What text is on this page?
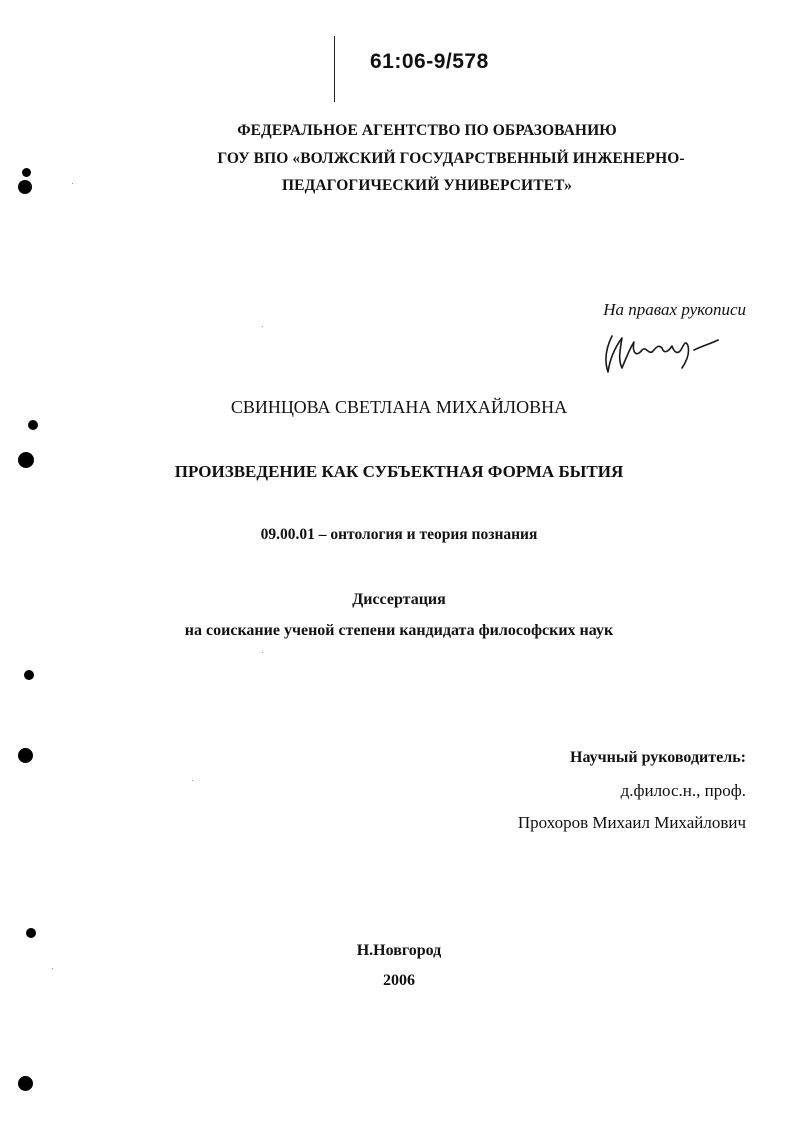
61:06-9/578
ФЕДЕРАЛЬНОЕ АГЕНТСТВО ПО ОБРАЗОВАНИЮ
ГОУ ВПО «ВОЛЖСКИЙ ГОСУДАРСТВЕННЫЙ ИНЖЕНЕРНО-
ПЕДАГОГИЧЕСКИЙ УНИВЕРСИТЕТ»
На правах рукописи
СВИНЦОВА СВЕТЛАНА МИХАЙЛОВНА
ПРОИЗВЕДЕНИЕ КАК СУБЪЕКТНАЯ ФОРМА БЫТИЯ
09.00.01 – онтология и теория познания
Диссертация
на соискание ученой степени кандидата философских наук
Научный руководитель:
д.филос.н., проф.
Прохоров Михаил Михайлович
Н.Новгород
2006
